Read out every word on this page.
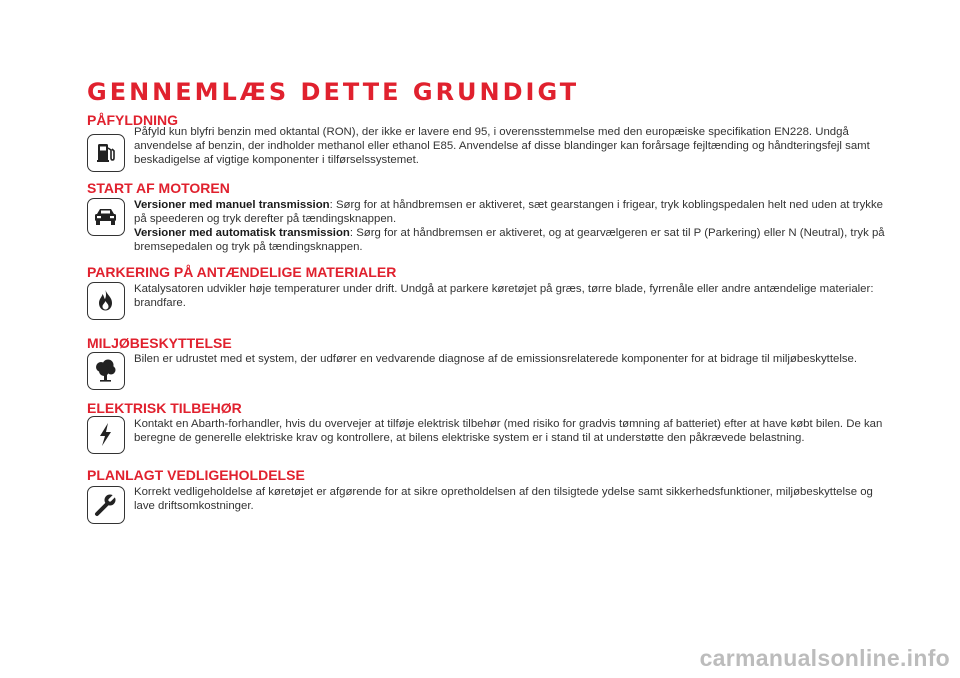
GENNEMLÆS DETTE GRUNDIGT
PÅFYLDNING

Påfyld kun blyfri benzin med oktantal (RON), der ikke er lavere end 95, i overensstemmelse med den europæiske specifikation EN228. Undgå anvendelse af benzin, der indholder methanol eller ethanol E85. Anvendelse af disse blandinger kan forårsage fejltænding og håndteringsfejl samt beskadigelse af vigtige komponenter i tilførselssystemet.

START AF MOTOREN

Versioner med manuel transmission: Sørg for at håndbremsen er aktiveret, sæt gearstangen i frigear, tryk koblingspedalen helt ned uden at trykke på speederen og tryk derefter på tændingsknappen.

Versioner med automatisk transmission: Sørg for at håndbremsen er aktiveret, og at gearvælgeren er sat til P (Parkering) eller N (Neutral), tryk på bremsepedalen og tryk på tændingsknappen.

PARKERING PÅ ANTÆNDELIGE MATERIALER

Katalysatoren udvikler høje temperaturer under drift. Undgå at parkere køretøjet på græs, tørre blade, fyrrenåle eller andre antændelige materialer: brandfare.

MILJØBESKYTTELSE

Bilen er udrustet med et system, der udfører en vedvarende diagnose af de emissionsrelaterede komponenter for at bidrage til miljøbeskyttelse.

ELEKTRISK TILBEHØR

Kontakt en Abarth-forhandler, hvis du overvejer at tilføje elektrisk tilbehør (med risiko for gradvis tømning af batteriet) efter at have købt bilen. De kan beregne de generelle elektriske krav og kontrollere, at bilens elektriske system er i stand til at understøtte den påkrævede belastning.

PLANLAGT VEDLIGEHOLDELSE

Korrekt vedligeholdelse af køretøjet er afgørende for at sikre opretholdelsen af den tilsigtede ydelse samt sikkerhedsfunktioner, miljøbeskyttelse og lave driftsomkostninger.

carmanualsonline.info
